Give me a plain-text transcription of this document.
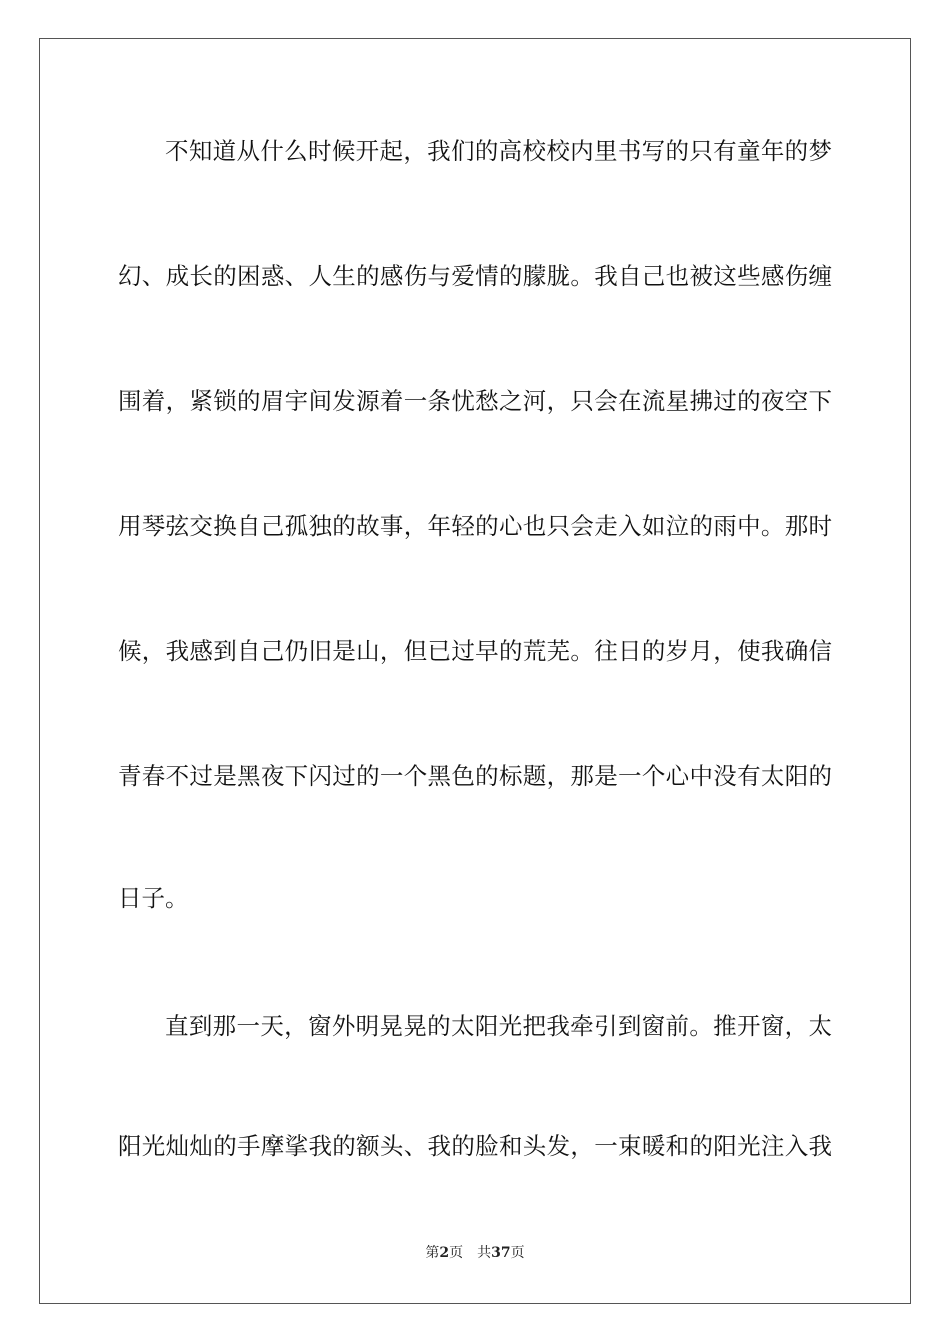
不知道从什么时候开起，我们的高校校内里书写的只有童年的梦
幻、成长的困惑、人生的感伤与爱情的朦胧。我自己也被这些感伤缠
围着，紧锁的眉宇间发源着一条忧愁之河，只会在流星拂过的夜空下
用琴弦交换自己孤独的故事，年轻的心也只会走入如泣的雨中。那时
候，我感到自己仍旧是山，但已过早的荒芜。往日的岁月，使我确信
青春不过是黑夜下闪过的一个黑色的标题，那是一个心中没有太阳的
日子。
直到那一天，窗外明晃晃的太阳光把我牵引到窗前。推开窗，太
阳光灿灿的手摩挲我的额头、我的脸和头发，一束暖和的阳光注入我
第2页 共37页
